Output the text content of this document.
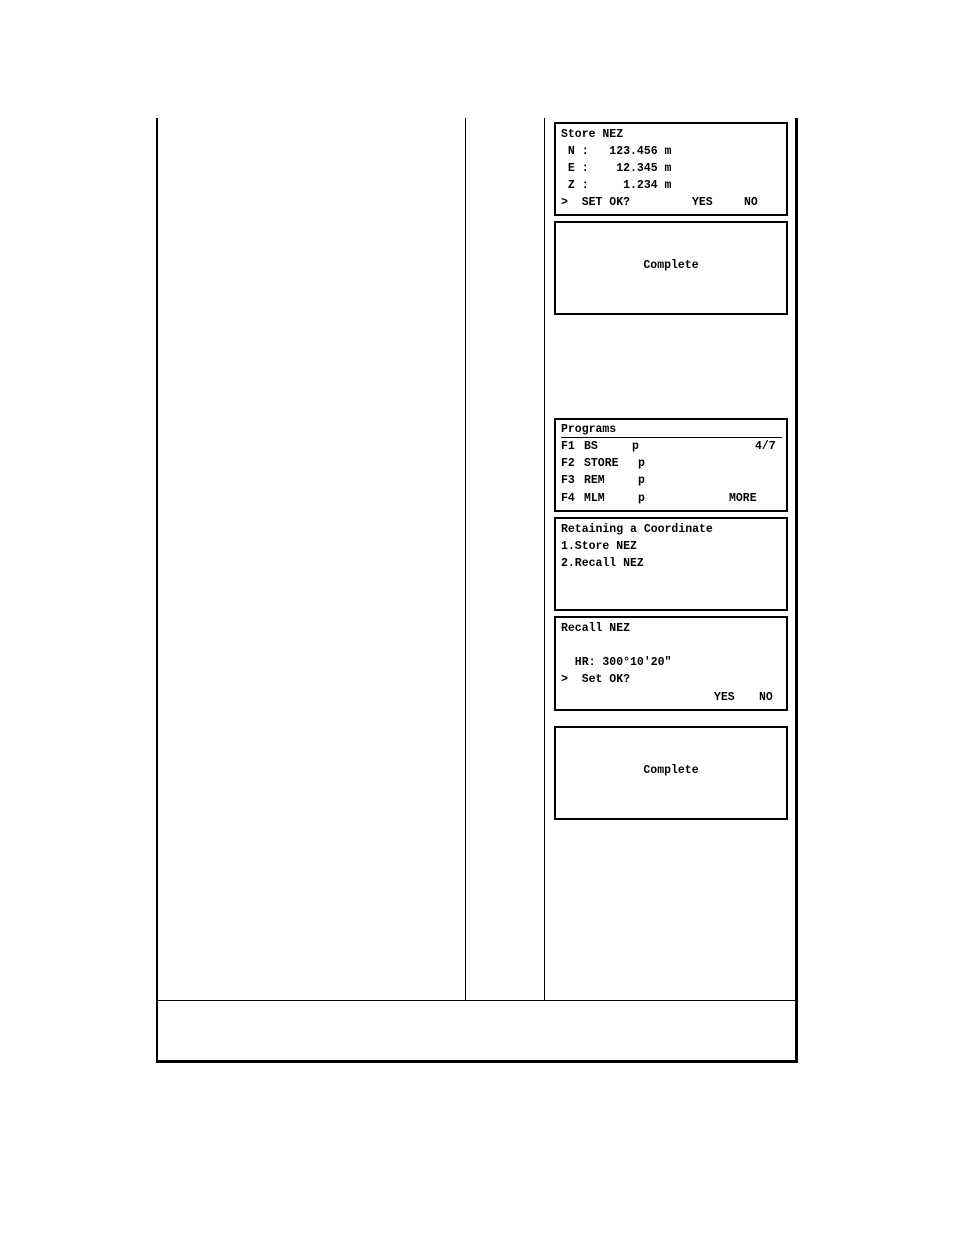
Store NEZ
N :   123.456 m
E :    12.345 m
Z :     1.234 m
>  SET OK?	YES	NO
Complete
Programs
4/7
F1 BS	p
F2 STORE p
F3 REM	p
F4 MLM	p	MORE
Retaining a Coordinate
1.Store NEZ
2.Recall NEZ
Recall NEZ
HR: 300°10'20"
>  Set OK?
YES NO
Complete
